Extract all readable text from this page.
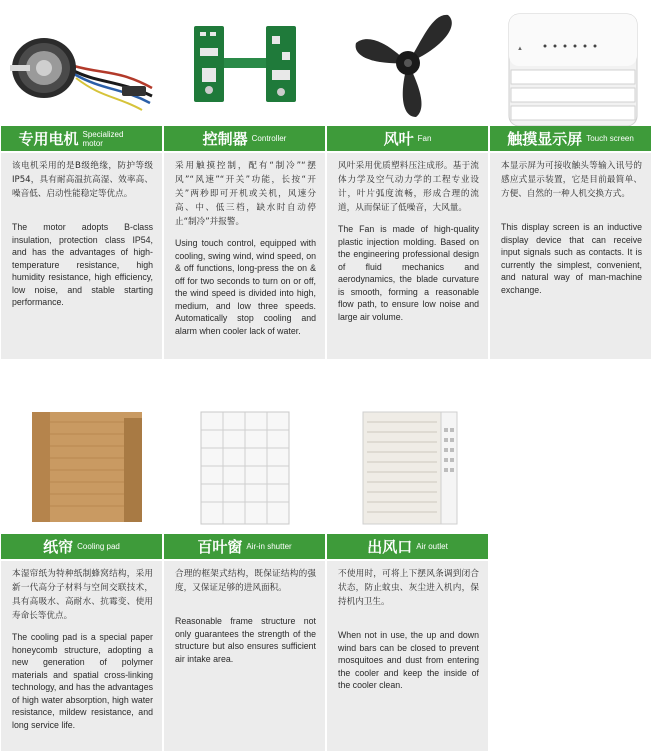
专用电机 Specialized motor

该电机采用的是B级绝缘，防护等级IP54，具有耐高温抗高湿、效率高、噪音低、启动性能稳定等优点。

The motor adopts B-class insulation, protection class IP54, and has the advantages of high-temperature resistance, high humidity resistance, high efficiency, low noise, and stable starting performance.

控制器 Controller

采用触摸控制，配有“制冷”“摆风”“风速”“开关”功能，长按“开关”两秒即可开机或关机，风速分高、中、低三档，缺水时自动停止“制冷”并报警。

Using touch control, equipped with cooling, swing wind, wind speed, on & off functions, long-press the on & off for two seconds to turn on or off, the wind speed is divided into high, medium, and low three speeds. Automatically stop cooling and alarm when cooler lack of water.

风叶 Fan

风叶采用优质塑料压注成形。基于流体力学及空气动力学的工程专业设计，叶片弧度流畅，形成合理的流道，从而保证了低噪音，大风量。

The Fan is made of high-quality plastic injection molding. Based on the engineering professional design of fluid mechanics and aerodynamics, the blade curvature is smooth, forming a reasonable flow path, to ensure low noise and large air volume.

▲
触摸显示屏 Touch screen

本显示屏为可接收触头等输入讯号的感应式显示装置，它是目前最简单、方便、自然的一种人机交换方式。

This display screen is an inductive display device that can receive input signals such as contacts. It is currently the simplest, convenient, and natural way of man-machine exchange.

纸帘 Cooling pad

本湿帘纸为特种纸制蜂窝结构，采用新一代高分子材料与空间交联技术，具有高吸水、高耐水、抗霉变、使用寿命长等优点。

The cooling pad is a special paper honeycomb structure, adopting a new generation of polymer materials and spatial cross-linking technology, and has the advantages of high water absorption, high water resistance, mildew resistance, and long service life.

百叶窗 Air-in shutter

合理的框架式结构，既保证结构的强度，又保证足够的进风面积。

Reasonable frame structure not only guarantees the strength of the structure but also ensures sufficient air intake area.

出风口 Air outlet

不使用时，可将上下摆风条调到闭合状态，防止蚊虫、灰尘进入机内，保持机内卫生。

When not in use, the up and down wind bars can be closed to prevent mosquitoes and dust from entering the cooler and keep the inside of the cooler clean.
